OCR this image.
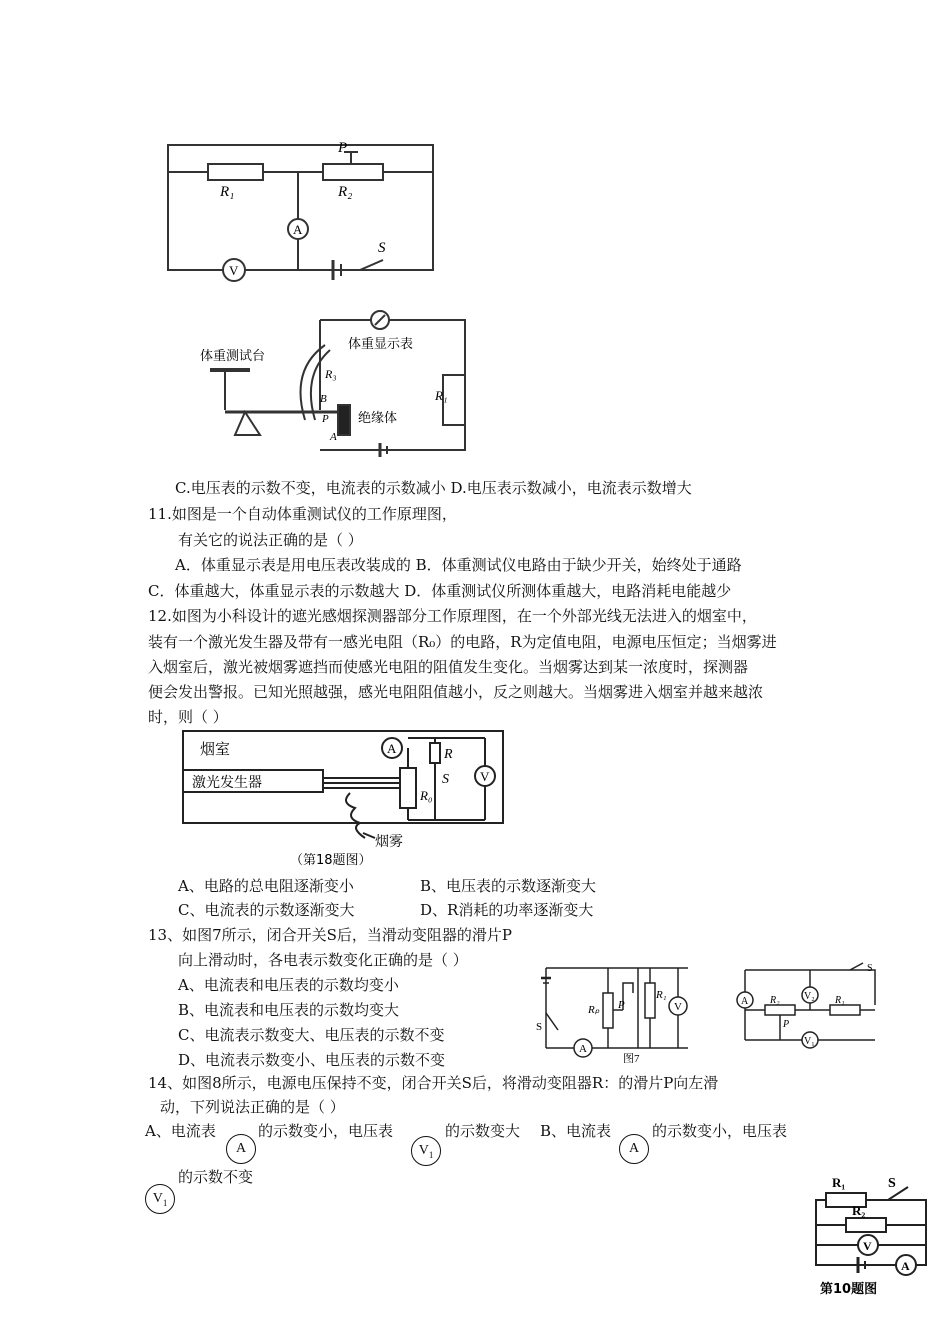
R₁	R₂
P
A
V
S
体重测试台
体重显示表
R₃
R₁
绝缘体
B
P
A
C.电压表的示数不变，电流表的示数减小 D.电压表示数减小，电流表示数增大
11.如图是一个自动体重测试仪的工作原理图，
有关它的说法正确的是（ ）
A．体重显示表是用电压表改装成的 B．体重测试仪电路由于缺少开关，始终处于通路
C．体重越大，体重显示表的示数越大 D．体重测试仪所测体重越大，电路消耗电能越少
12.如图为小科设计的遮光感烟探测器部分工作原理图，在一个外部光线无法进入的烟室中，
装有一个激光发生器及带有一感光电阻（R₀）的电路，R为定值电阻，电源电压恒定；当烟雾进
入烟室后，激光被烟雾遮挡而使感光电阻的阻值发生变化。当烟雾达到某一浓度时，探测器
便会发出警报。已知光照越强，感光电阻阻值越小，反之则越大。当烟雾进入烟室并越来越浓
时，则（ ）
烟室
激光发生器
烟雾
（第18题图）
A
V
R
S
R₀
A、电路的总电阻逐渐变小	B、电压表的示数逐渐变大
C、电流表的示数逐渐变大	D、R消耗的功率逐渐变大
13、如图7所示，闭合开关S后，当滑动变阻器的滑片P
向上滑动时，各电表示数变化正确的是（ ）
A、电流表和电压表的示数均变小
B、电流表和电压表的示数均变大
C、电流表示数变大、电压表的示数不变
D、电流表示数变小、电压表的示数不变
Rₚ P
R₁
V
A
S
图7
A	V₂
S
R₂	R₁
P
V₁
14、如图8所示，电源电压保持不变，闭合开关S后，将滑动变阻器R：的滑片P向左滑
动，下列说法正确的是（ ）
A、电流表
A
的示数变小，电压表
$V_1$
的示数变大 B、电流表
A
的示数变小，电压表
的示数不变
$V_1$
R₁	S
R₂
V
A
第10题图
